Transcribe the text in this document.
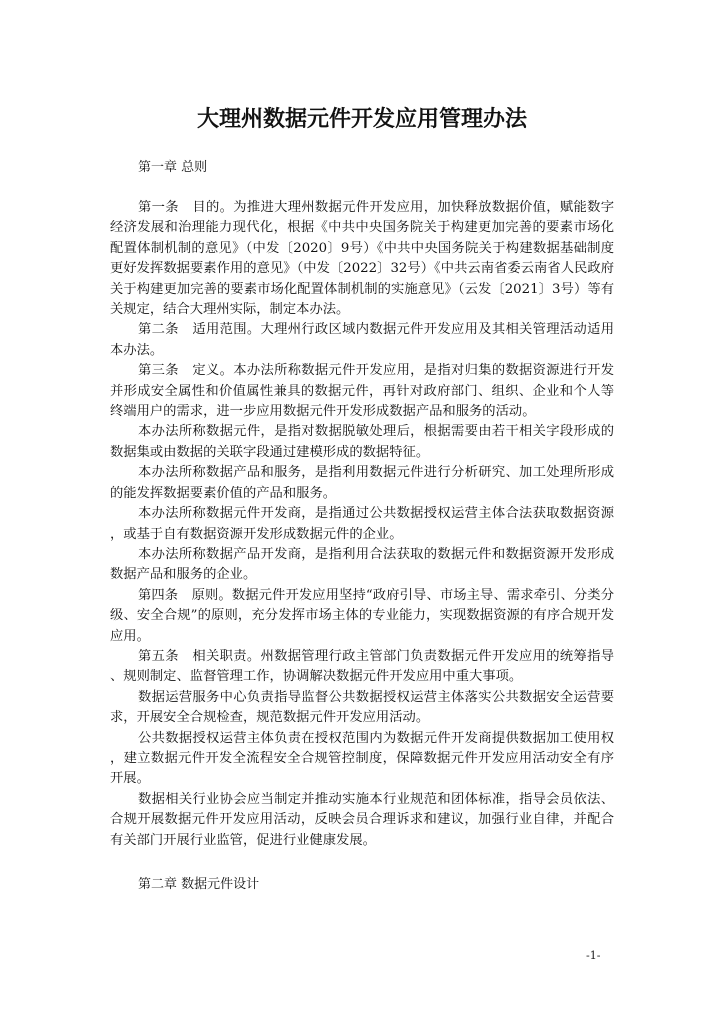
大理州数据元件开发应用管理办法
第一章 总则

第一条　目的。为推进大理州数据元件开发应用，加快释放数据价值，赋能数字经济发展和治理能力现代化，根据《中共中央国务院关于构建更加完善的要素市场化配置体制机制的意见》（中发〔2020〕9号）《中共中央国务院关于构建数据基础制度更好发挥数据要素作用的意见》（中发〔2022〕32号）《中共云南省委云南省人民政府关于构建更加完善的要素市场化配置体制机制的实施意见》（云发〔2021〕3号）等有关规定，结合大理州实际，制定本办法。

第二条　适用范围。大理州行政区域内数据元件开发应用及其相关管理活动适用本办法。

第三条　定义。本办法所称数据元件开发应用，是指对归集的数据资源进行开发并形成安全属性和价值属性兼具的数据元件，再针对政府部门、组织、企业和个人等终端用户的需求，进一步应用数据元件开发形成数据产品和服务的活动。

本办法所称数据元件，是指对数据脱敏处理后，根据需要由若干相关字段形成的数据集或由数据的关联字段通过建模形成的数据特征。

本办法所称数据产品和服务，是指利用数据元件进行分析研究、加工处理所形成的能发挥数据要素价值的产品和服务。

本办法所称数据元件开发商，是指通过公共数据授权运营主体合法获取数据资源，或基于自有数据资源开发形成数据元件的企业。

本办法所称数据产品开发商，是指利用合法获取的数据元件和数据资源开发形成数据产品和服务的企业。

第四条　原则。数据元件开发应用坚持“政府引导、市场主导、需求牵引、分类分级、安全合规”的原则，充分发挥市场主体的专业能力，实现数据资源的有序合规开发应用。

第五条　相关职责。州数据管理行政主管部门负责数据元件开发应用的统筹指导、规则制定、监督管理工作，协调解决数据元件开发应用中重大事项。

数据运营服务中心负责指导监督公共数据授权运营主体落实公共数据安全运营要求，开展安全合规检查，规范数据元件开发应用活动。

公共数据授权运营主体负责在授权范围内为数据元件开发商提供数据加工使用权，建立数据元件开发全流程安全合规管控制度，保障数据元件开发应用活动安全有序开展。

数据相关行业协会应当制定并推动实施本行业规范和团体标准，指导会员依法、合规开展数据元件开发应用活动，反映会员合理诉求和建议，加强行业自律，并配合有关部门开展行业监管，促进行业健康发展。

第二章 数据元件设计
-1-
